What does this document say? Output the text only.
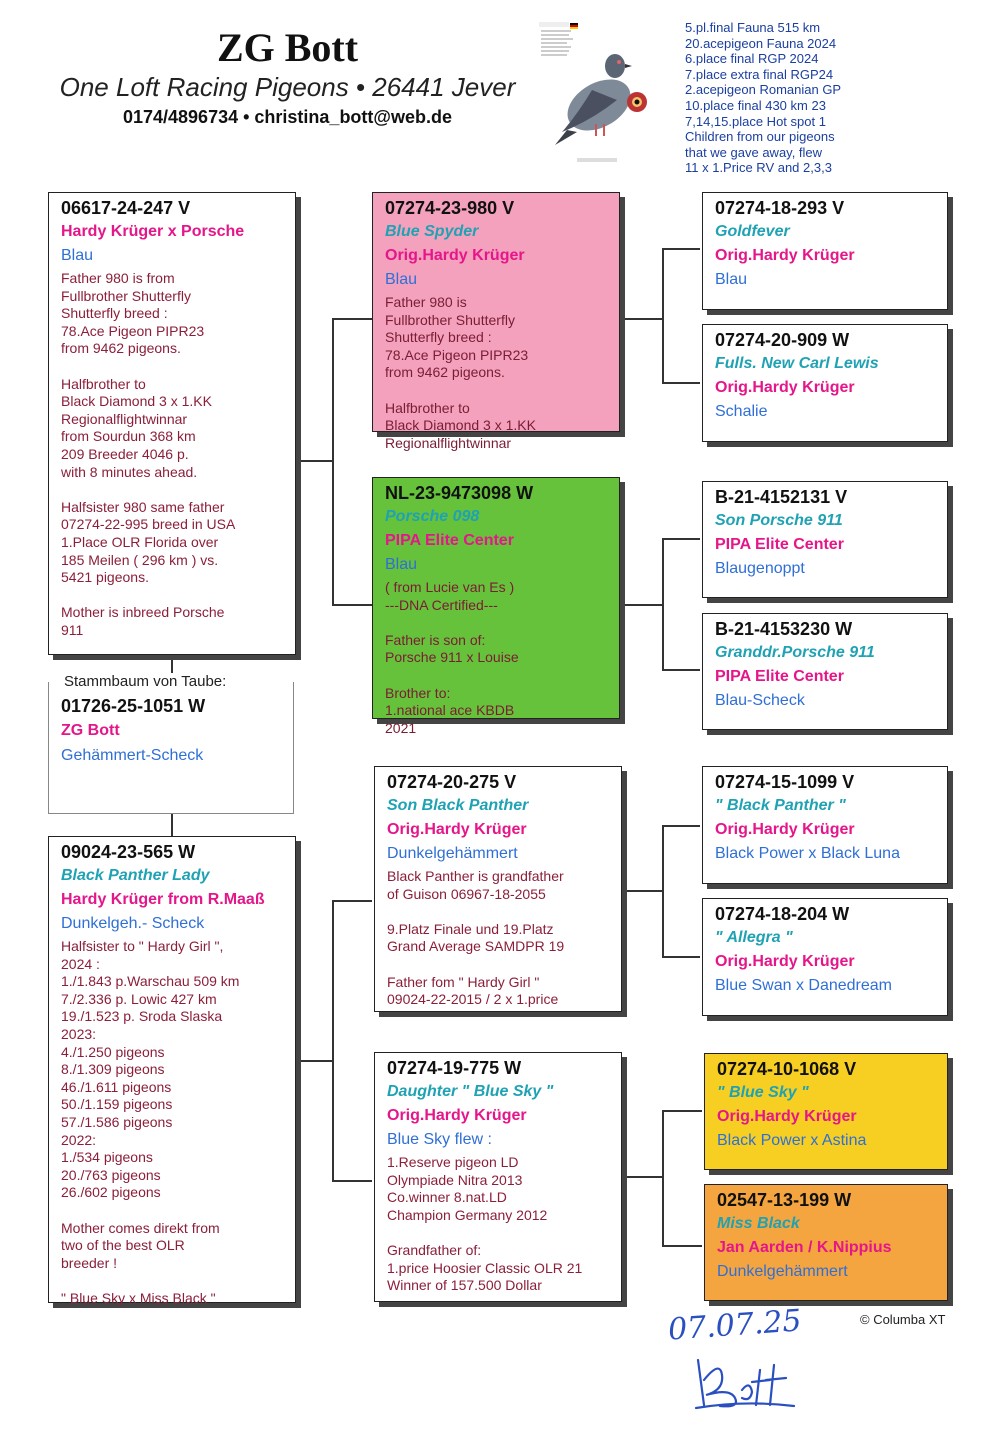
ZG Bott
One Loft Racing Pigeons • 26441 Jever
0174/4896734 • christina_bott@web.de
5.pl.final Fauna 515 km
20.acepigeon Fauna 2024
6.place final RGP 2024
7.place extra final RGP24
2.acepigeon Romanian GP
10.place final 430 km 23
7,14,15.place Hot spot 1
Children from our pigeons
that we gave away, flew
11 x 1.Price RV and 2,3,3
06617-24-247 V
Hardy Krüger x Porsche
Blau
Father 980 is from
Fullbrother Shutterfly
Shutterfly breed :
78.Ace Pigeon PIPR23
from 9462 pigeons.

Halfbrother to
Black Diamond 3 x 1.KK
Regionalflightwinnar
from Sourdun 368 km
209 Breeder 4046 p.
with 8 minutes ahead.

Halfsister 980 same father
07274-22-995 breed in USA
1.Place OLR Florida over
185 Meilen ( 296 km ) vs.
5421 pigeons.

Mother is inbreed Porsche
911
01726-25-1051 W
ZG Bott
Gehämmert-Scheck
Stammbaum von Taube:
09024-23-565 W
Black Panther Lady
Hardy Krüger from R.Maaß
Dunkelgeh.- Scheck
Halfsister to " Hardy Girl ",
2024 :
1./1.843 p.Warschau 509 km
7./2.336 p. Lowic 427 km
19./1.523 p. Sroda Slaska
2023:
4./1.250 pigeons
8./1.309 pigeons
46./1.611 pigeons
50./1.159 pigeons
57./1.586 pigeons
2022:
1./534 pigeons
20./763 pigeons
26./602 pigeons

Mother comes direkt from
two of the best OLR
breeder !

" Blue Sky x Miss Black "
07274-23-980 V
Blue Spyder
Orig.Hardy Krüger
Blau
Father 980 is
Fullbrother Shutterfly
Shutterfly breed :
78.Ace Pigeon PIPR23
from 9462 pigeons.

Halfbrother to
Black Diamond 3 x 1.KK
Regionalflightwinnar
NL-23-9473098 W
Porsche 098
PIPA Elite Center
Blau
( from Lucie van Es )
---DNA Certified---

Father is son of:
Porsche 911 x Louise

Brother to:
1.national ace KBDB
2021
07274-20-275 V
Son Black Panther
Orig.Hardy Krüger
Dunkelgehämmert
Black Panther is grandfather
of Guison 06967-18-2055

9.Platz Finale und 19.Platz
Grand Average SAMDPR 19

Father fom " Hardy Girl "
09024-22-2015 / 2 x 1.price
07274-19-775 W
Daughter " Blue Sky "
Orig.Hardy Krüger
Blue Sky flew :
1.Reserve pigeon LD
Olympiade Nitra 2013
Co.winner 8.nat.LD
Champion Germany 2012

Grandfather of:
1.price Hoosier Classic OLR 21
Winner of 157.500 Dollar
07274-18-293 V
Goldfever
Orig.Hardy Krüger
Blau
07274-20-909 W
Fulls. New Carl Lewis
Orig.Hardy Krüger
Schalie
B-21-4152131 V
Son Porsche 911
PIPA Elite Center
Blaugenoppt
B-21-4153230 W
Granddr.Porsche 911
PIPA Elite Center
Blau-Scheck
07274-15-1099 V
" Black Panther "
Orig.Hardy Krüger
Black Power x Black Luna
07274-18-204 W
" Allegra "
Orig.Hardy Krüger
Blue Swan x Danedream
07274-10-1068 V
" Blue Sky "
Orig.Hardy Krüger
Black Power x Astina
02547-13-199 W
Miss Black
Jan Aarden / K.Nippius
Dunkelgehämmert
07.07.25	© Columba XT
